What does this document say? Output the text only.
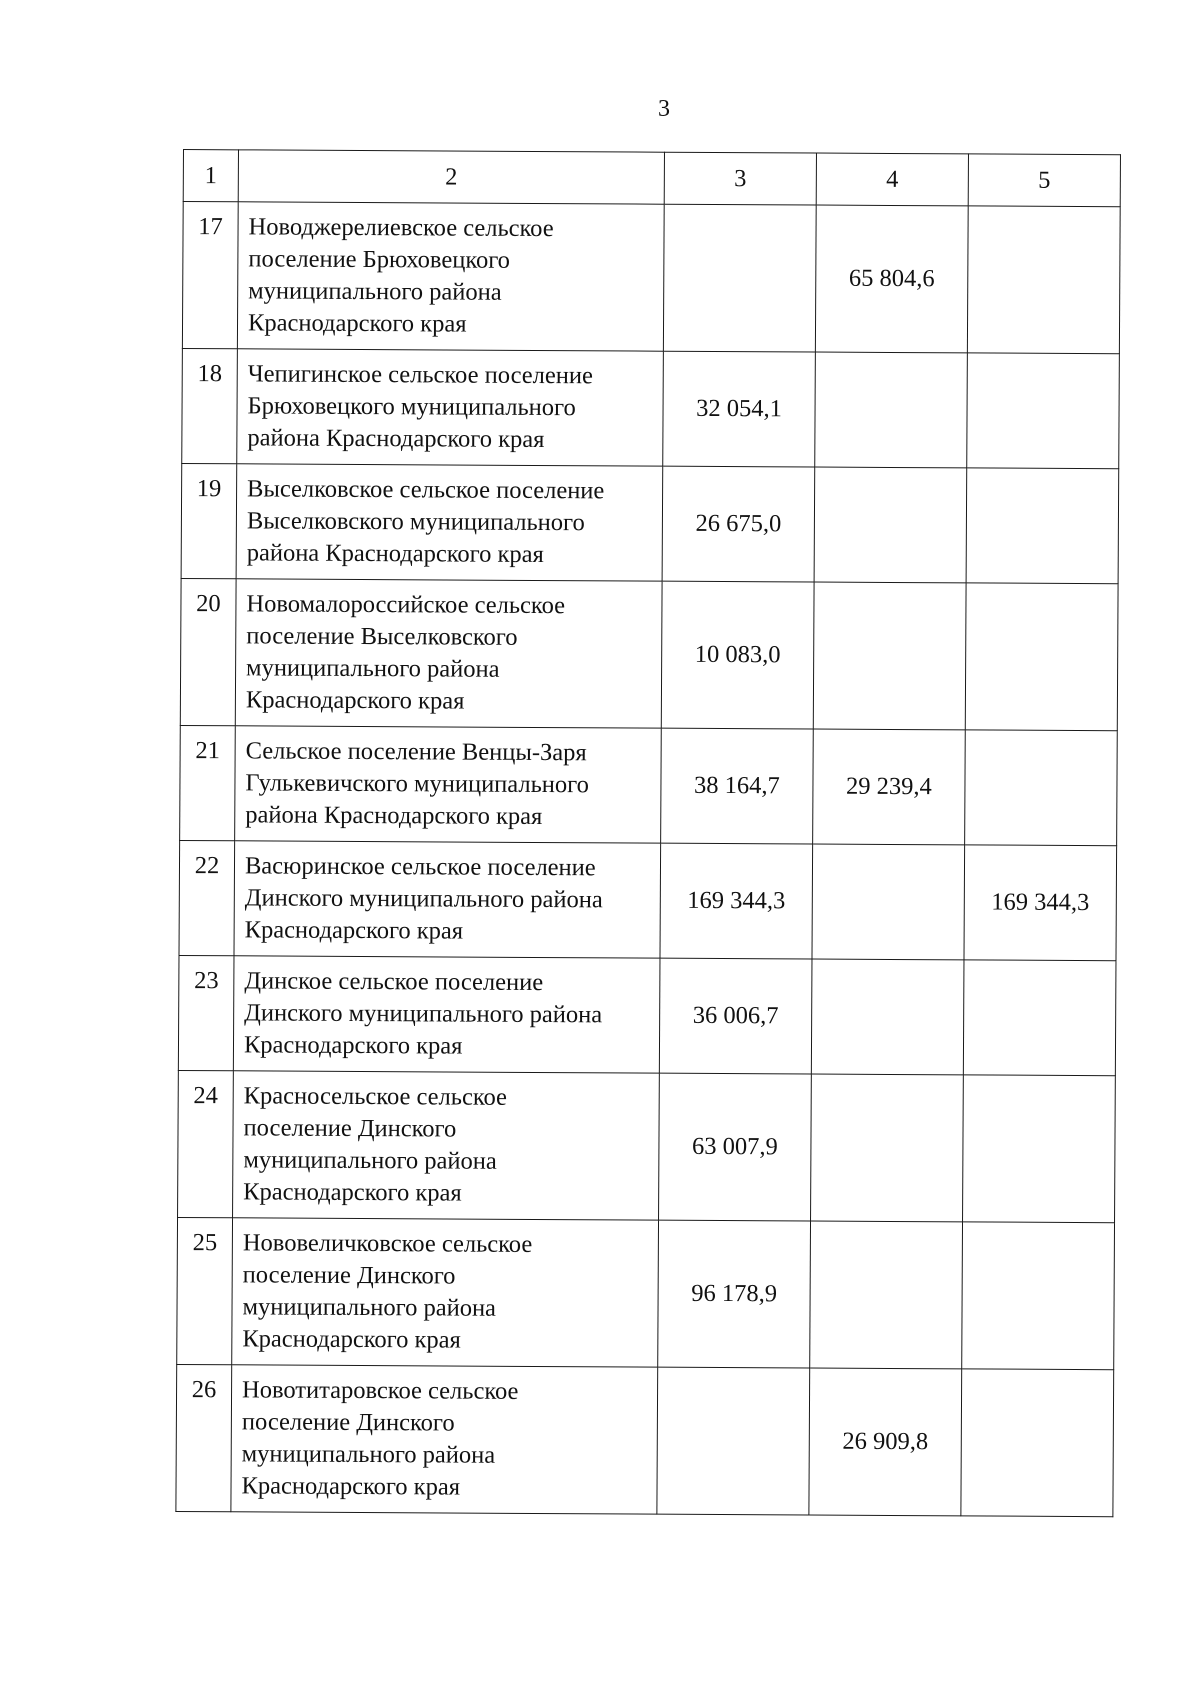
3
1	2	3	4	5
17	Новоджерелиевское сельское
поселение Брюховецкого
муниципального района
Краснодарского края		65 804,6	
18	Чепигинское сельское поселение
Брюховецкого муниципального
района Краснодарского края	32 054,1		
19	Выселковское сельское поселение
Выселковского муниципального
района Краснодарского края	26 675,0		
20	Новомалороссийское сельское
поселение Выселковского
муниципального района
Краснодарского края	10 083,0		
21	Сельское поселение Венцы-Заря
Гулькевичского муниципального
района Краснодарского края	38 164,7	29 239,4	
22	Васюринское сельское поселение
Динского муниципального района
Краснодарского края	169 344,3		169 344,3
23	Динское сельское поселение
Динского муниципального района
Краснодарского края	36 006,7		
24	Красносельское сельское
поселение Динского
муниципального района
Краснодарского края	63 007,9		
25	Нововеличковское сельское
поселение Динского
муниципального района
Краснодарского края	96 178,9		
26	Новотитаровское сельское
поселение Динского
муниципального района
Краснодарского края		26 909,8	
